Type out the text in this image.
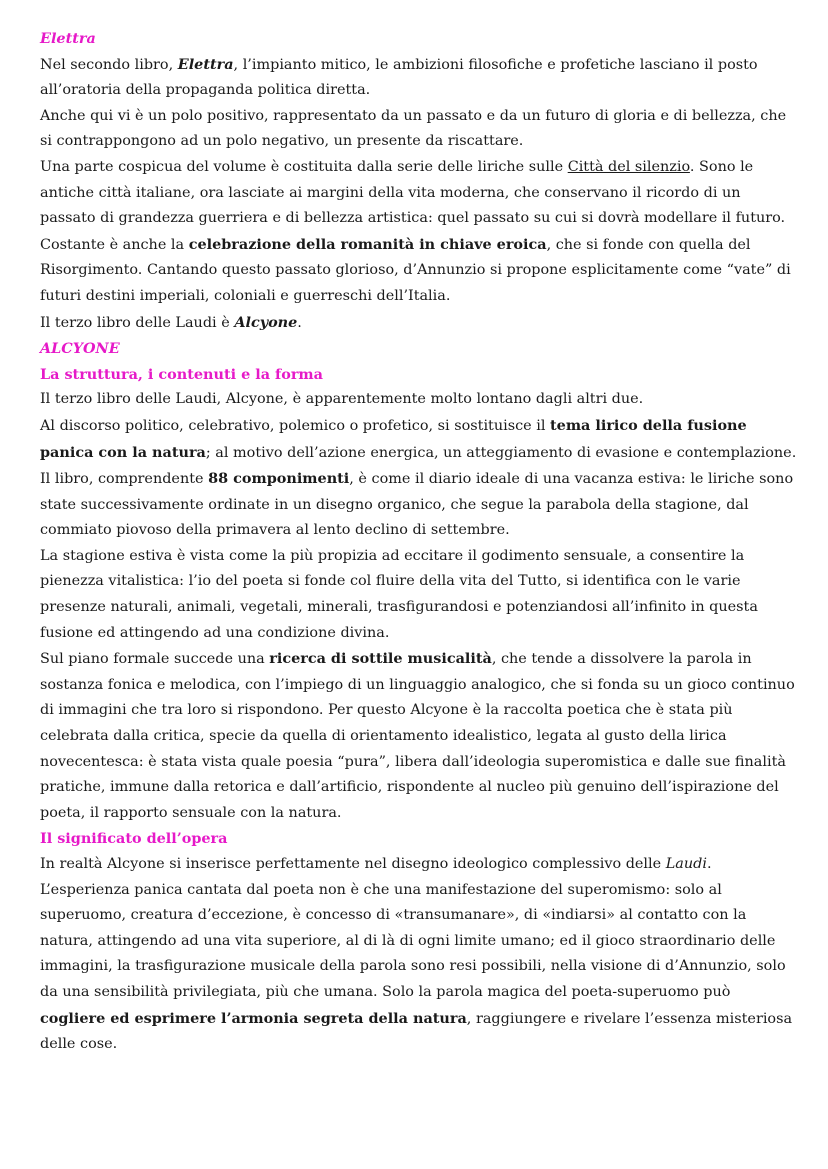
Elettra

Nel secondo libro, Elettra, l’impianto mitico, le ambizioni filosofiche e profetiche lasciano il posto all’oratoria della propaganda politica diretta.

Anche qui vi è un polo positivo, rappresentato da un passato e da un futuro di gloria e di bellezza, che si contrappongono ad un polo negativo, un presente da riscattare.

Una parte cospicua del volume è costituita dalla serie delle liriche sulle Città del silenzio. Sono le antiche città italiane, ora lasciate ai margini della vita moderna, che conservano il ricordo di un passato di grandezza guerriera e di bellezza artistica: quel passato su cui si dovrà modellare il futuro.

Costante è anche la celebrazione della romanità in chiave eroica, che si fonde con quella del Risorgimento. Cantando questo passato glorioso, d’Annunzio si propone esplicitamente come “vate” di futuri destini imperiali, coloniali e guerreschi dell’Italia.

Il terzo libro delle Laudi è Alcyone.

ALCYONE

La struttura, i contenuti e la forma

Il terzo libro delle Laudi, Alcyone, è apparentemente molto lontano dagli altri due.

Al discorso politico, celebrativo, polemico o profetico, si sostituisce il tema lirico della fusione panica con la natura; al motivo dell’azione energica, un atteggiamento di evasione e contemplazione.

Il libro, comprendente 88 componimenti, è come il diario ideale di una vacanza estiva: le liriche sono state successivamente ordinate in un disegno organico, che segue la parabola della stagione, dal commiato piovoso della primavera al lento declino di settembre.

La stagione estiva è vista come la più propizia ad eccitare il godimento sensuale, a consentire la pienezza vitalistica: l’io del poeta si fonde col fluire della vita del Tutto, si identifica con le varie presenze naturali, animali, vegetali, minerali, trasfigurandosi e potenziandosi all’infinito in questa fusione ed attingendo ad una condizione divina.

Sul piano formale succede una ricerca di sottile musicalità, che tende a dissolvere la parola in sostanza fonica e melodica, con l’impiego di un linguaggio analogico, che si fonda su un gioco continuo di immagini che tra loro si rispondono. Per questo Alcyone è la raccolta poetica che è stata più celebrata dalla critica, specie da quella di orientamento idealistico, legata al gusto della lirica novecentesca: è stata vista quale poesia “pura”, libera dall’ideologia superomistica e dalle sue finalità pratiche, immune dalla retorica e dall’artificio, rispondente al nucleo più genuino dell’ispirazione del poeta, il rapporto sensuale con la natura.

Il significato dell’opera

In realtà Alcyone si inserisce perfettamente nel disegno ideologico complessivo delle Laudi. L’esperienza panica cantata dal poeta non è che una manifestazione del superomismo: solo al superuomo, creatura d’eccezione, è concesso di «transumanare», di «indiarsi» al contatto con la natura, attingendo ad una vita superiore, al di là di ogni limite umano; ed il gioco straordinario delle immagini, la trasfigurazione musicale della parola sono resi possibili, nella visione di d’Annunzio, solo da una sensibilità privilegiata, più che umana. Solo la parola magica del poeta-superuomo può cogliere ed esprimere l’armonia segreta della natura, raggiungere e rivelare l’essenza misteriosa delle cose.
